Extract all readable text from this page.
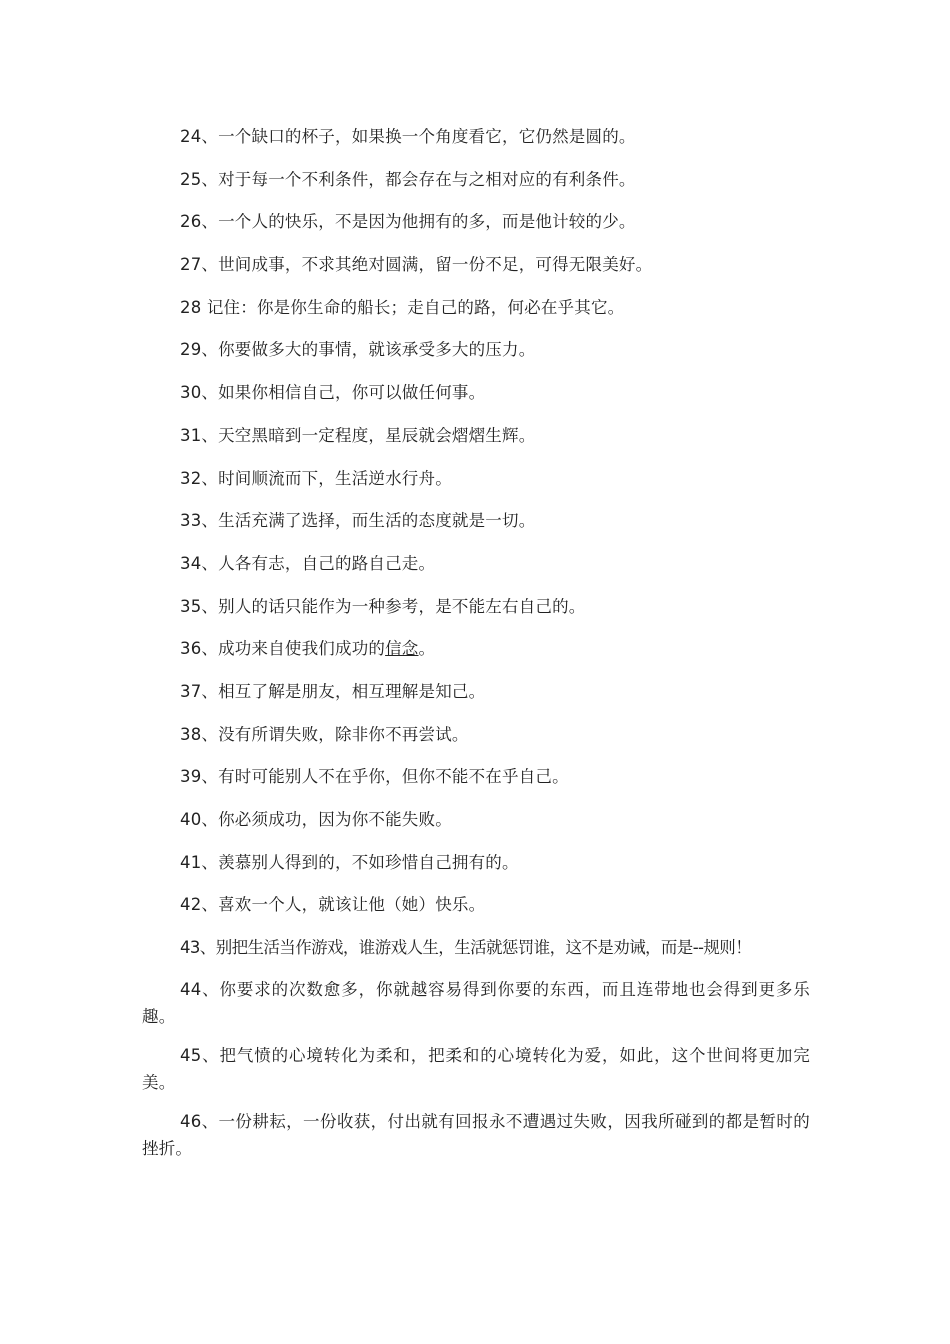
24、一个缺口的杯子，如果换一个角度看它，它仍然是圆的。

25、对于每一个不利条件，都会存在与之相对应的有利条件。

26、一个人的快乐，不是因为他拥有的多，而是他计较的少。

27、世间成事，不求其绝对圆满，留一份不足，可得无限美好。

28 记住：你是你生命的船长；走自己的路，何必在乎其它。

29、你要做多大的事情，就该承受多大的压力。

30、如果你相信自己，你可以做任何事。

31、天空黑暗到一定程度，星辰就会熠熠生辉。

32、时间顺流而下，生活逆水行舟。

33、生活充满了选择，而生活的态度就是一切。

34、人各有志，自己的路自己走。

35、别人的话只能作为一种参考，是不能左右自己的。

36、成功来自使我们成功的信念。

37、相互了解是朋友，相互理解是知己。

38、没有所谓失败，除非你不再尝试。

39、有时可能别人不在乎你，但你不能不在乎自己。

40、你必须成功，因为你不能失败。

41、羡慕别人得到的，不如珍惜自己拥有的。

42、喜欢一个人，就该让他（她）快乐。

43、别把生活当作游戏，谁游戏人生，生活就惩罚谁，这不是劝诫，而是--规则！

44、你要求的次数愈多，你就越容易得到你要的东西，而且连带地也会得到更多乐趣。

45、把气愤的心境转化为柔和，把柔和的心境转化为爱，如此，这个世间将更加完美。

46、一份耕耘，一份收获，付出就有回报永不遭遇过失败，因我所碰到的都是暂时的挫折。
